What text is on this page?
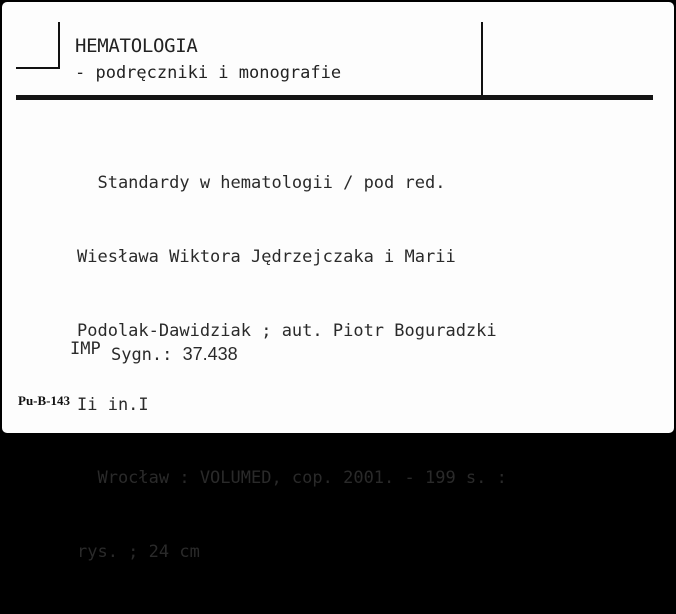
HEMATOLOGIA
- podręczniki i monografie

Standardy w hematologii / pod red.

Wiesława Wiktora Jędrzejczaka i Marii

Podolak-Dawidziak ; aut. Piotr Boguradzki

Ii in.I

Wrocław : VOLUMED, cop. 2001. - 199 s. :

rys. ; 24 cm

IMP Sygn.: 37.438
Pu-B-143
